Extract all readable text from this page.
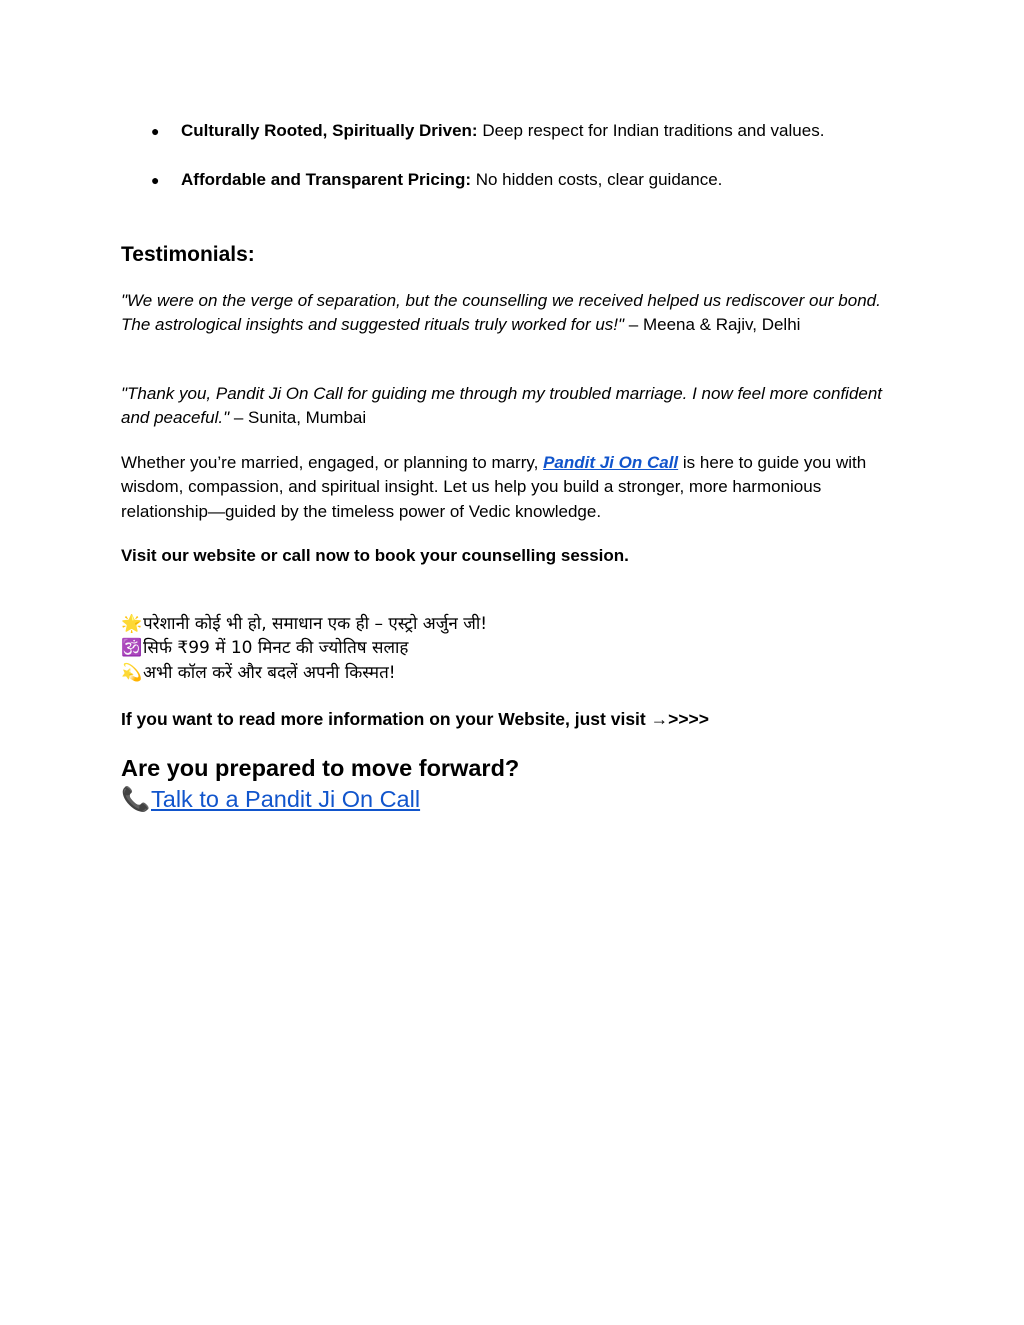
● Culturally Rooted, Spiritually Driven: Deep respect for Indian traditions and values.
● Affordable and Transparent Pricing: No hidden costs, clear guidance.
Testimonials:

"We were on the verge of separation, but the counselling we received helped us rediscover our bond. The astrological insights and suggested rituals truly worked for us!" – Meena & Rajiv, Delhi

"Thank you, Pandit Ji On Call for guiding me through my troubled marriage. I now feel more confident and peaceful." – Sunita, Mumbai

Whether you’re married, engaged, or planning to marry, Pandit Ji On Call is here to guide you with wisdom, compassion, and spiritual insight. Let us help you build a stronger, more harmonious relationship—guided by the timeless power of Vedic knowledge.

Visit our website or call now to book your counselling session.

🌟परेशानी कोई भी हो, समाधान एक ही – एस्ट्रो अर्जुन जी!
🕉️सिर्फ ₹99 में 10 मिनट की ज्योतिष सलाह
💫अभी कॉल करें और बदलें अपनी किस्मत!
If you want to read more information on your Website, just visit →>>>>
Are you prepared to move forward?
📞Talk to a Pandit Ji On Call
